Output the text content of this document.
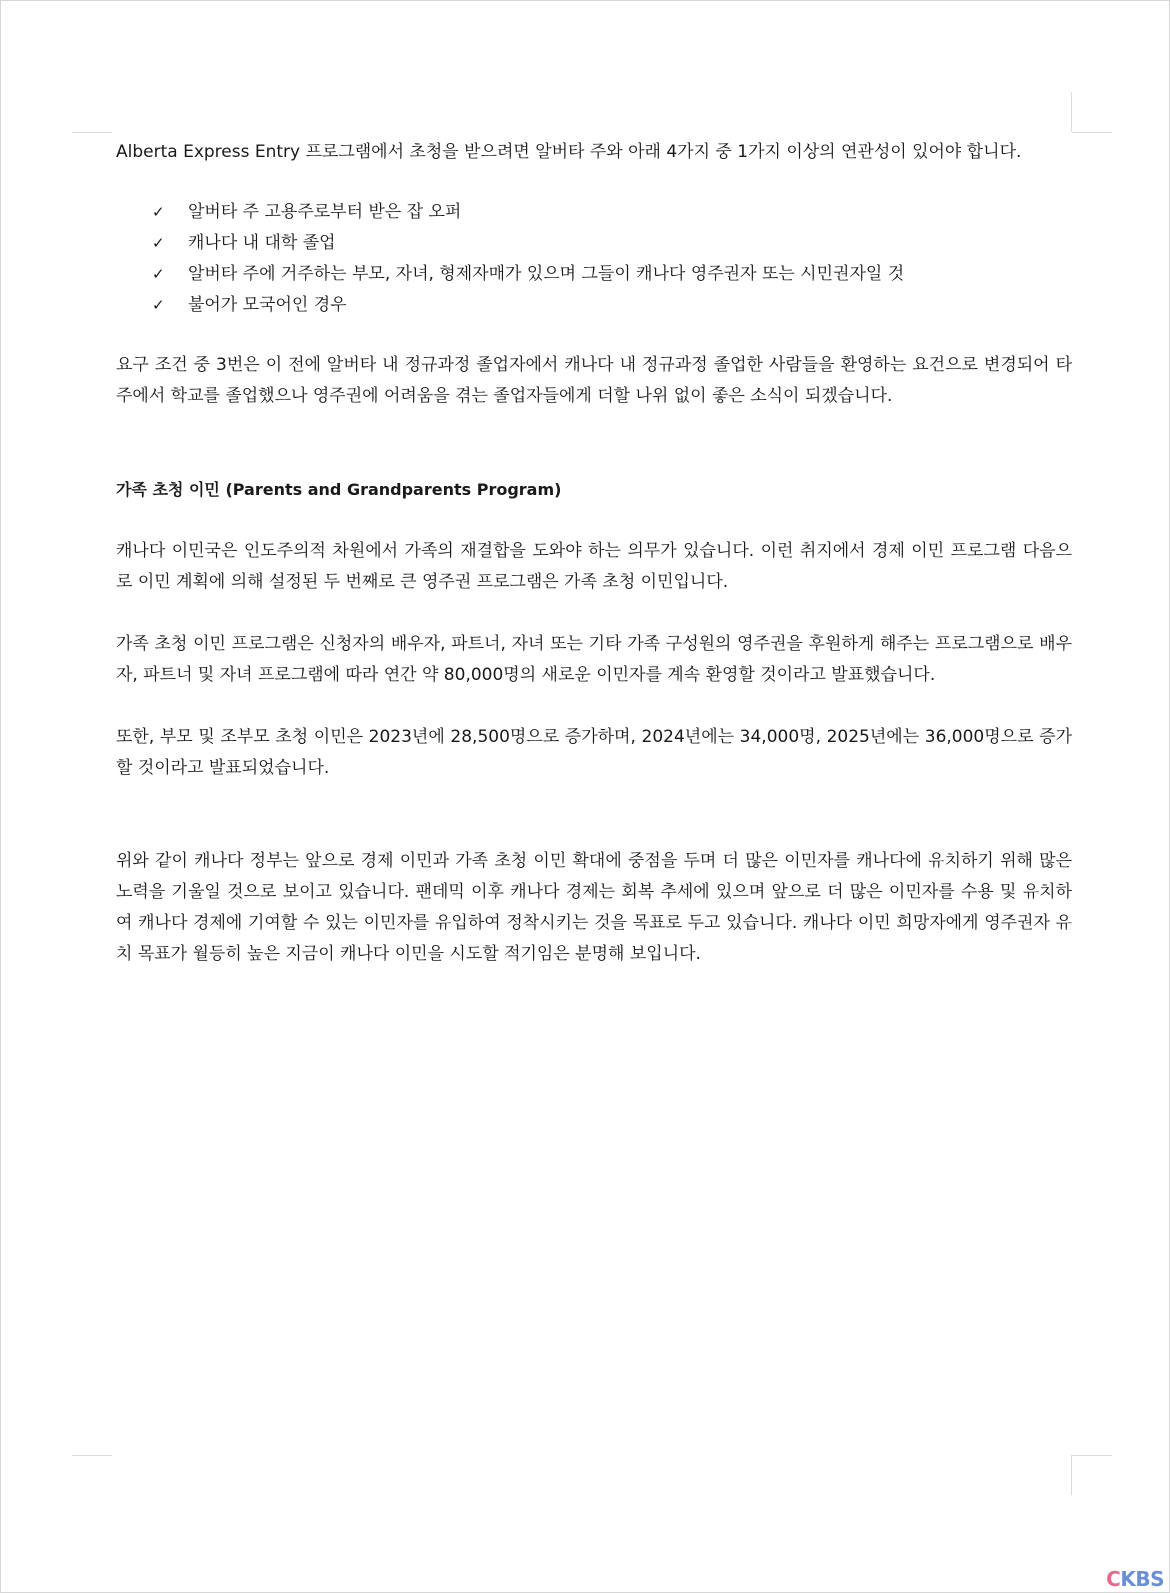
Alberta Express Entry 프로그램에서 초청을 받으려면 알버타 주와 아래 4가지 중 1가지 이상의 연관성이 있어야 합니다.

✓	알버타 주 고용주로부터 받은 잡 오퍼
✓	캐나다 내 대학 졸업
✓	알버타 주에 거주하는 부모, 자녀, 형제자매가 있으며 그들이 캐나다 영주권자 또는 시민권자일 것
✓	불어가 모국어인 경우

요구 조건 중 3번은 이 전에 알버타 내 정규과정 졸업자에서 캐나다 내 정규과정 졸업한 사람들을 환영하는 요건으로 변경되어 타 주에서 학교를 졸업했으나 영주권에 어려움을 겪는 졸업자들에게 더할 나위 없이 좋은 소식이 되겠습니다.

가족 초청 이민 (Parents and Grandparents Program)

캐나다 이민국은 인도주의적 차원에서 가족의 재결합을 도와야 하는 의무가 있습니다. 이런 취지에서 경제 이민 프로그램 다음으로 이민 계획에 의해 설정된 두 번째로 큰 영주권 프로그램은 가족 초청 이민입니다.

가족 초청 이민 프로그램은 신청자의 배우자, 파트너, 자녀 또는 기타 가족 구성원의 영주권을 후원하게 해주는 프로그램으로 배우자, 파트너 및 자녀 프로그램에 따라 연간 약 80,000명의 새로운 이민자를 계속 환영할 것이라고 발표했습니다.

또한, 부모 및 조부모 초청 이민은 2023년에 28,500명으로 증가하며, 2024년에는 34,000명, 2025년에는 36,000명으로 증가할 것이라고 발표되었습니다.

위와 같이 캐나다 정부는 앞으로 경제 이민과 가족 초청 이민 확대에 중점을 두며 더 많은 이민자를 캐나다에 유치하기 위해 많은 노력을 기울일 것으로 보이고 있습니다. 팬데믹 이후 캐나다 경제는 회복 추세에 있으며 앞으로 더 많은 이민자를 수용 및 유치하여 캐나다 경제에 기여할 수 있는 이민자를 유입하여 정착시키는 것을 목표로 두고 있습니다. 캐나다 이민 희망자에게 영주권자 유치 목표가 월등히 높은 지금이 캐나다 이민을 시도할 적기임은 분명해 보입니다.

CKBS
